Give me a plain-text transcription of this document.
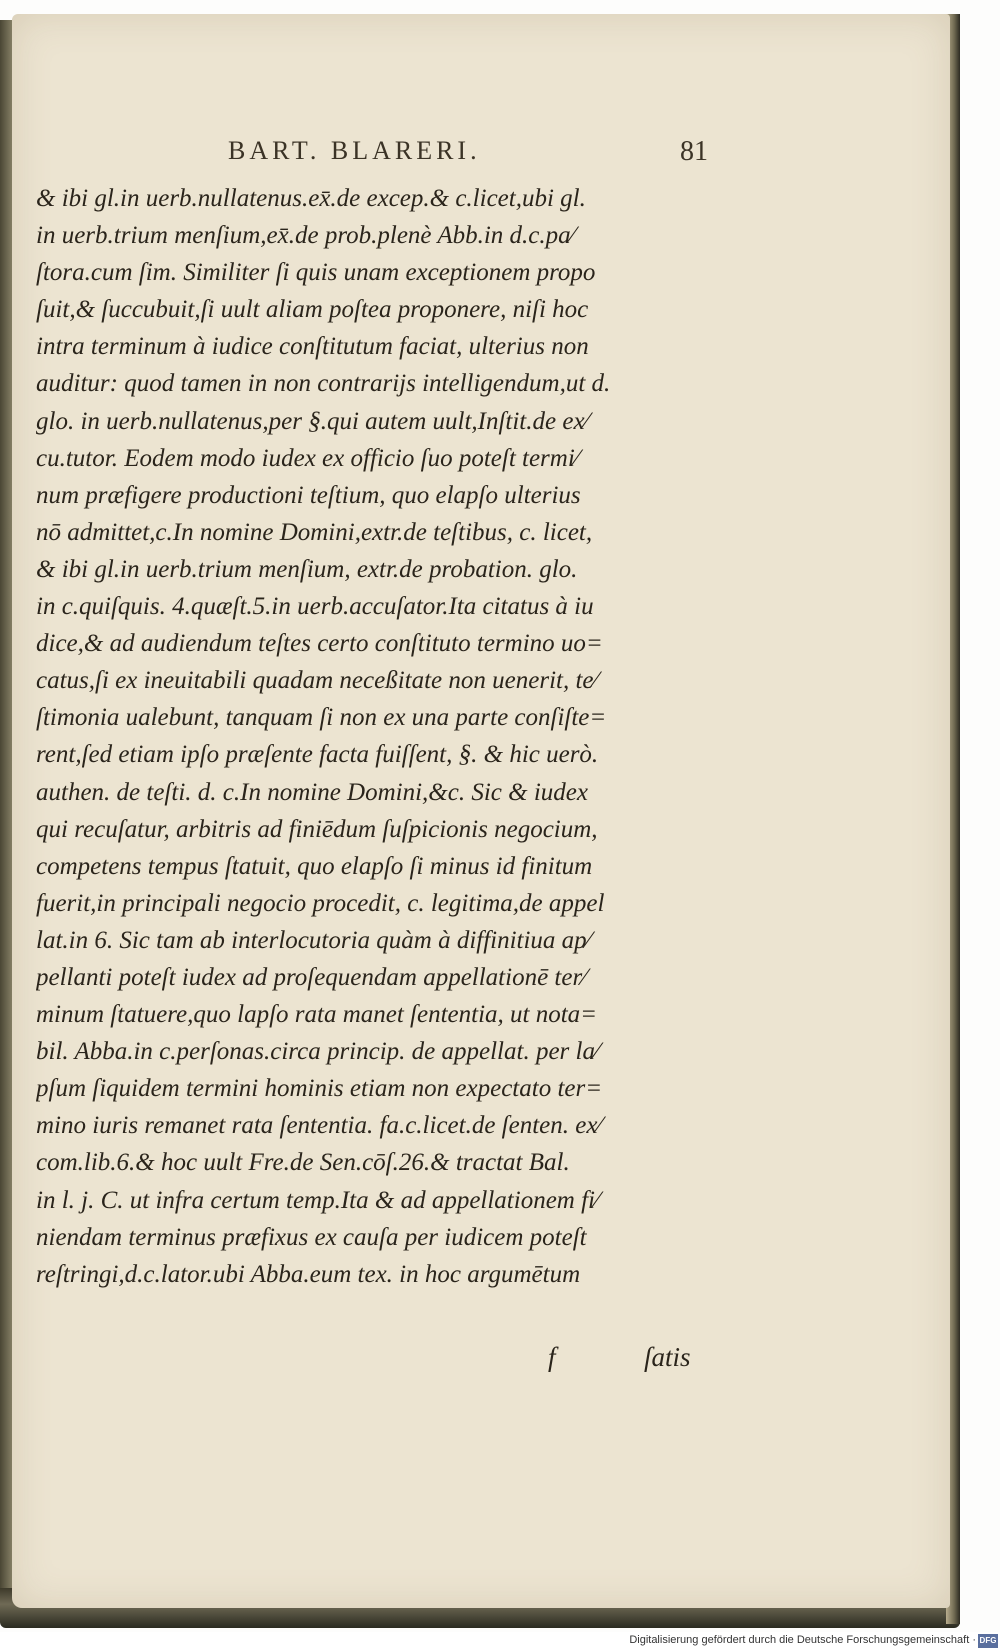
BART. BLARERI.	81
& ibi gl.in uerb.nullatenus.ex̄.de excep.& c.licet,ubi gl.
in uerb.trium menſium,ex̄.de prob.plenè Abb.in d.c.pa⁄
ſtora.cum ſim. Similiter ſi quis unam exceptionem propo
ſuit,& ſuccubuit,ſi uult aliam poſtea proponere, niſi hoc
intra terminum à iudice conſtitutum faciat, ulterius non
auditur: quod tamen in non contrarijs intelligendum,ut d.
glo. in uerb.nullatenus,per §.qui autem uult,Inſtit.de ex⁄
cu.tutor. Eodem modo iudex ex officio ſuo poteſt termi⁄
num præfigere productioni teſtium, quo elapſo ulterius
nō admittet,c.In nomine Domini,extr.de teſtibus, c. licet,
& ibi gl.in uerb.trium menſium, extr.de probation. glo.
in c.quiſquis. 4.quæſt.5.in uerb.accuſator.Ita citatus à iu
dice,& ad audiendum teſtes certo conſtituto termino uo=
catus,ſi ex ineuitabili quadam neceßitate non uenerit, te⁄
ſtimonia ualebunt, tanquam ſi non ex una parte conſiſte=
rent,ſed etiam ipſo præſente facta fuiſſent, §. & hic uerò.
authen. de teſti. d. c.In nomine Domini,&c. Sic & iudex
qui recuſatur, arbitris ad finiēdum ſuſpicionis negocium,
competens tempus ſtatuit, quo elapſo ſi minus id finitum
fuerit,in principali negocio procedit, c. legitima,de appel
lat.in 6. Sic tam ab interlocutoria quàm à diffinitiua ap⁄
pellanti poteſt iudex ad proſequendam appellationē ter⁄
minum ſtatuere,quo lapſo rata manet ſententia, ut nota=
bil. Abba.in c.perſonas.circa princip. de appellat. per la⁄
pſum ſiquidem termini hominis etiam non expectato ter=
mino iuris remanet rata ſententia. fa.c.licet.de ſenten. ex⁄
com.lib.6.& hoc uult Fre.de Sen.cōſ.26.& tractat Bal.
in l. j. C. ut infra certum temp.Ita & ad appellationem fi⁄
niendam terminus præfixus ex cauſa per iudicem poteſt
reſtringi,d.c.lator.ubi Abba.eum tex. in hoc argumētum
f	ſatis
Digitalisierung gefördert durch die Deutsche Forschungsgemeinschaft · DFG
